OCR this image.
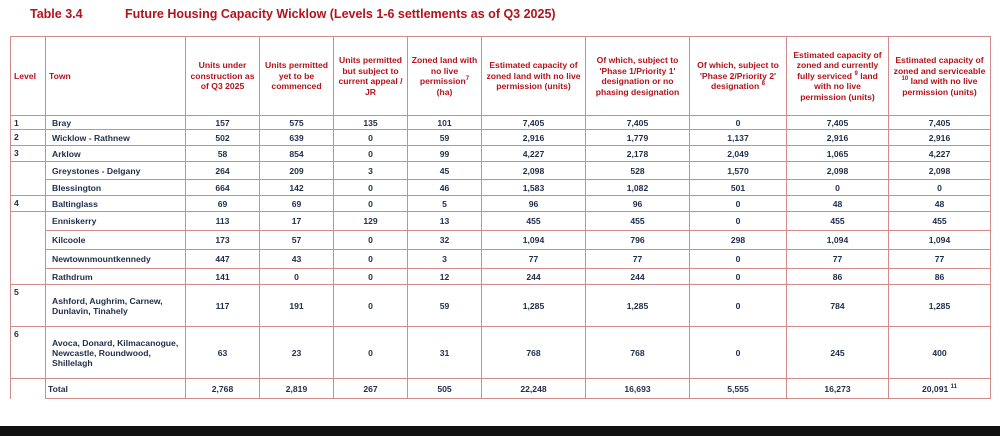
Table 3.4	Future Housing Capacity Wicklow (Levels 1-6 settlements as of Q3 2025)
Level	Town	Units under construction as of Q3 2025	Units permitted yet to be commenced	Units permitted but subject to current appeal / JR	Zoned land with no live permission$^7$ (ha)	Estimated capacity of zoned land with no live permission (units)	Of which, subject to 'Phase 1/Priority 1' designation or no phasing designation	Of which, subject to 'Phase 2/Priority 2' designation $^8$	Estimated capacity of zoned and currently fully serviced $^9$ land with no live permission (units)	Estimated capacity of zoned and serviceable $^{10}$ land with no live permission (units)
1	Bray	157	575	135	101	7,405	7,405	0	7,405	7,405
2	Wicklow - Rathnew	502	639	0	59	2,916	1,779	1,137	2,916	2,916
3	Arklow	58	854	0	99	4,227	2,178	2,049	1,065	4,227
	Greystones - Delgany	264	209	3	45	2,098	528	1,570	2,098	2,098
	Blessington	664	142	0	46	1,583	1,082	501	0	0
4	Baltinglass	69	69	0	5	96	96	0	48	48
	Enniskerry	113	17	129	13	455	455	0	455	455
	Kilcoole	173	57	0	32	1,094	796	298	1,094	1,094
	Newtownmountkennedy	447	43	0	3	77	77	0	77	77
	Rathdrum	141	0	0	12	244	244	0	86	86
5	Ashford, Aughrim, Carnew, Dunlavin, Tinahely	117	191	0	59	1,285	1,285	0	784	1,285
6	Avoca, Donard, Kilmacanogue, Newcastle, Roundwood, Shillelagh	63	23	0	31	768	768	0	245	400
	Total	2,768	2,819	267	505	22,248	16,693	5,555	16,273	20,091 $^{11}$
